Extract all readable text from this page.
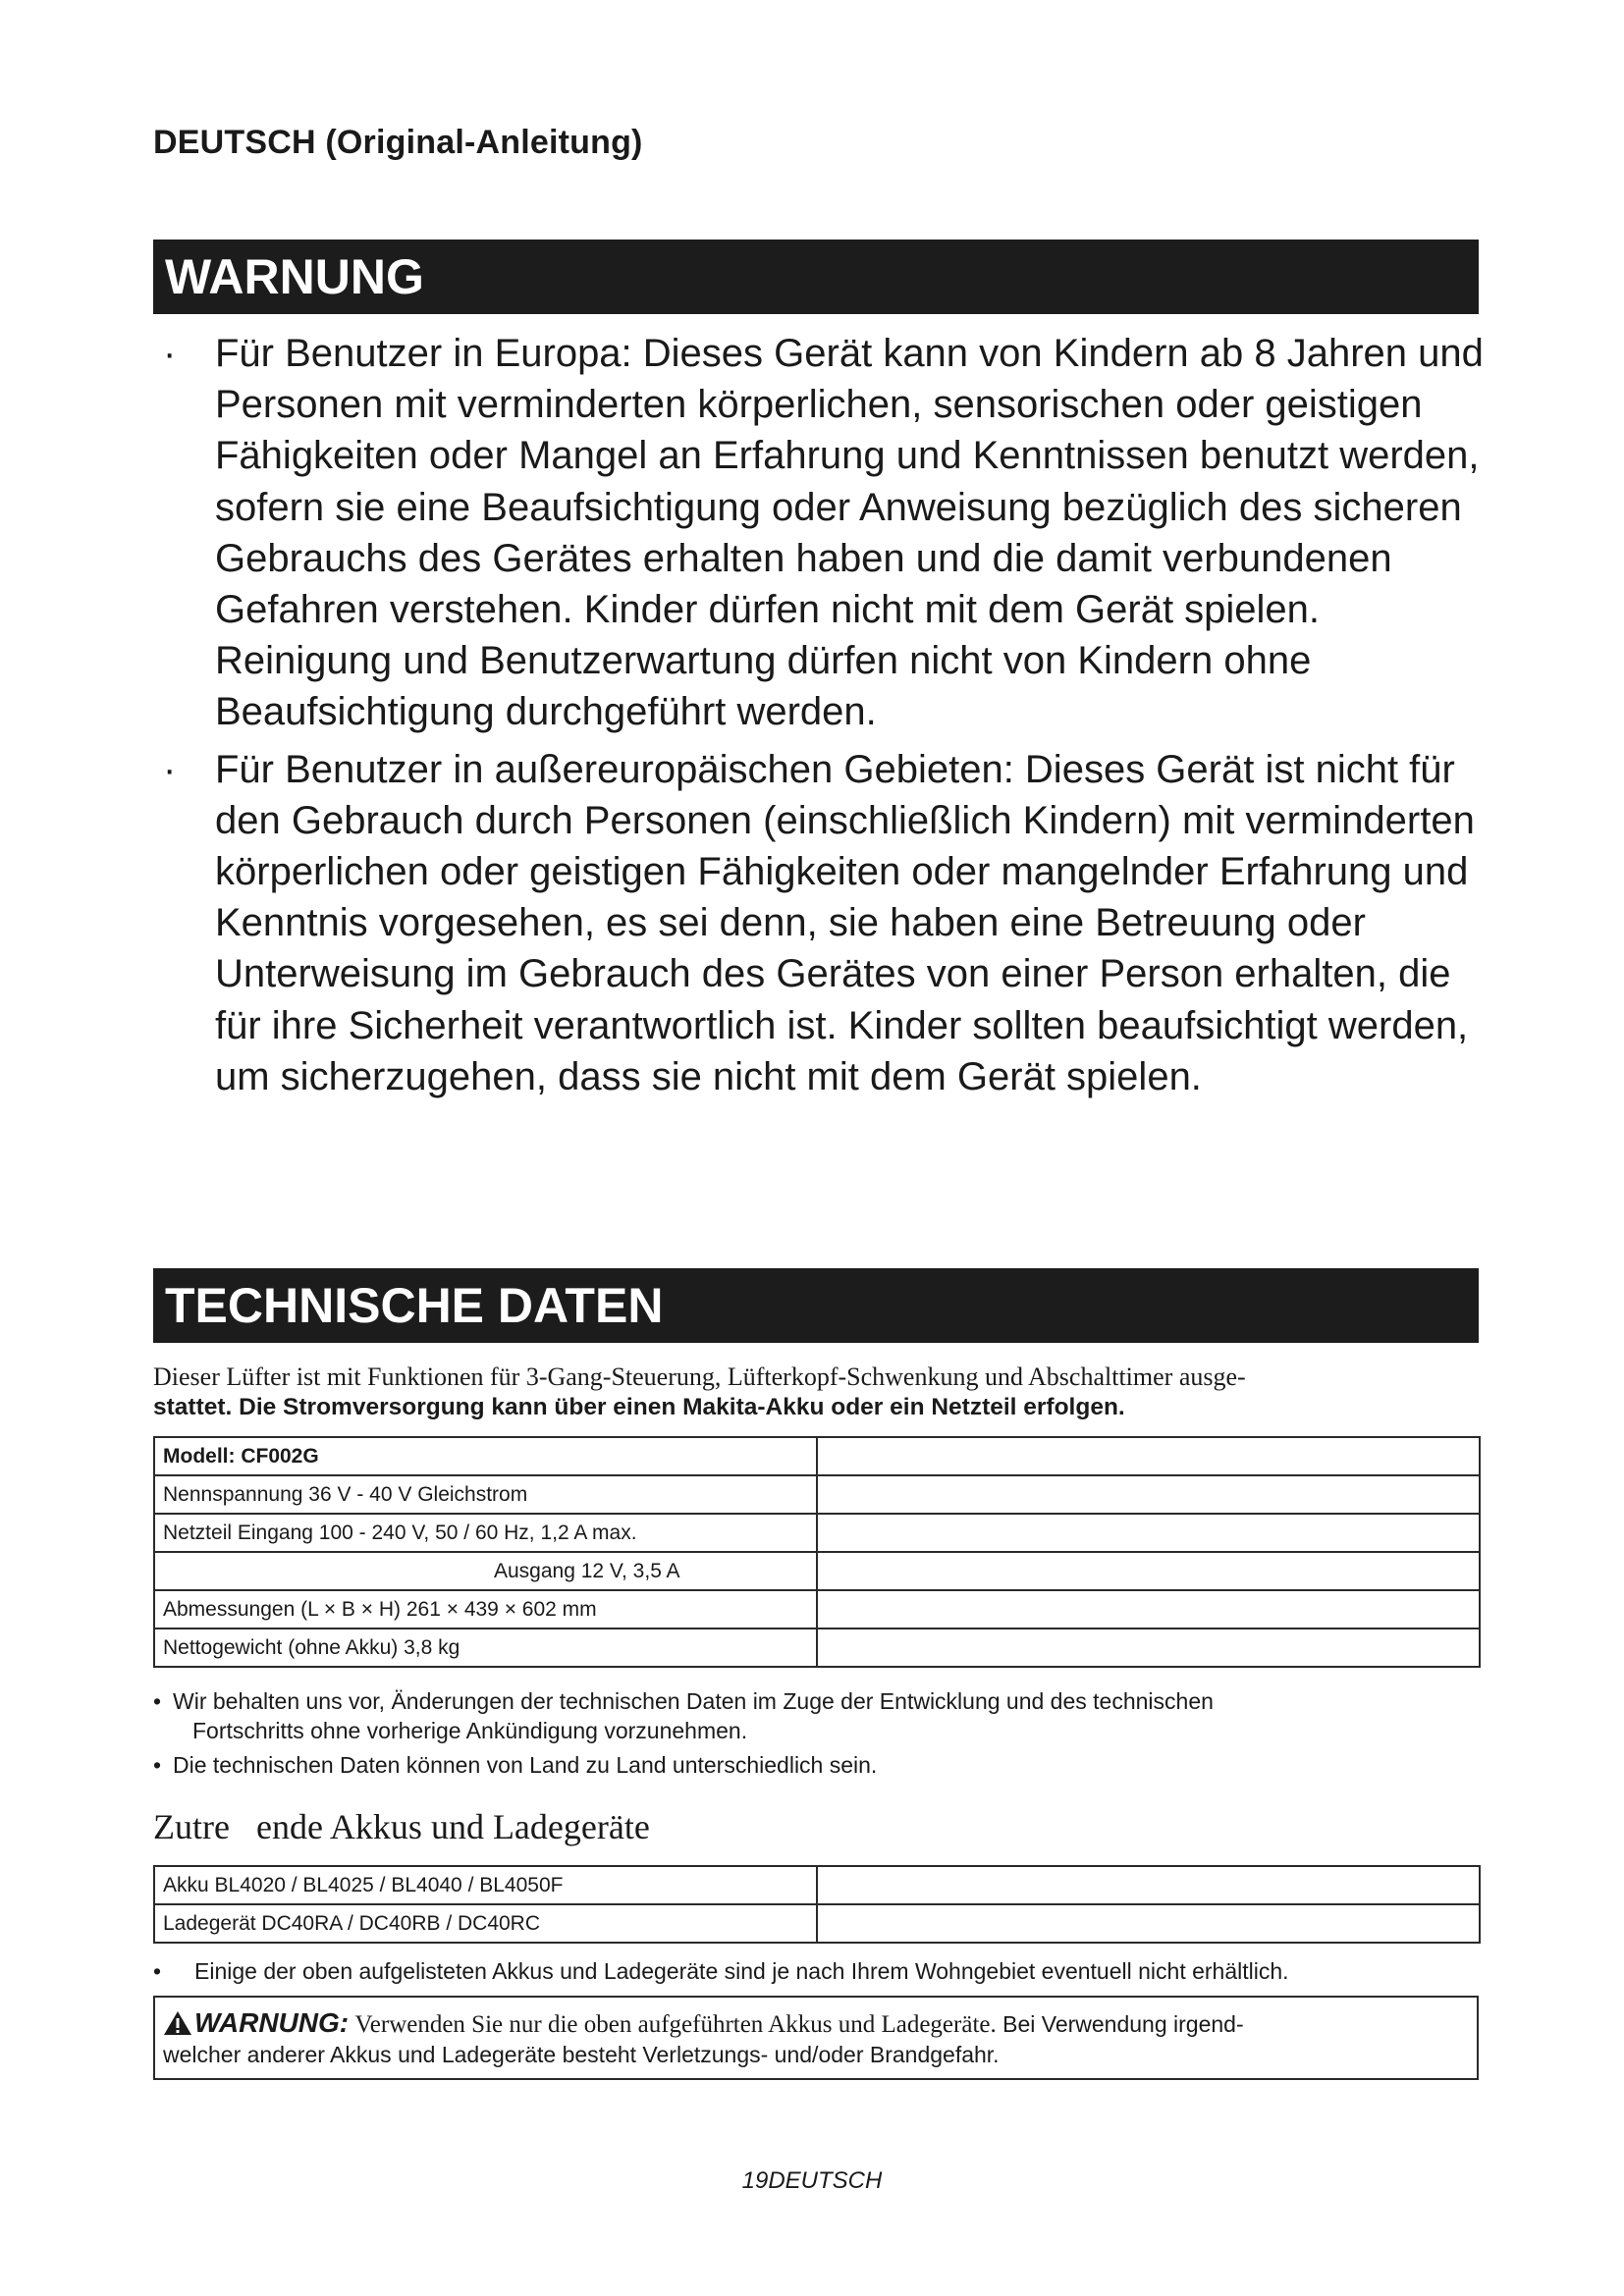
DEUTSCH (Original-Anleitung)
WARNUNG
· Für Benutzer in Europa: Dieses Gerät kann von Kindern ab 8 Jahren und Personen mit verminderten körperlichen, sensorischen oder geistigen Fähigkeiten oder Mangel an Erfahrung und Kenntnissen benutzt werden, sofern sie eine Beaufsichtigung oder Anweisung bezüglich des sicheren Gebrauchs des Gerätes erhalten haben und die damit verbundenen Gefahren verstehen. Kinder dürfen nicht mit dem Gerät spielen. Reinigung und Benutzerwartung dürfen nicht von Kindern ohne Beaufsichtigung durchgeführt werden.
· Für Benutzer in außereuropäischen Gebieten: Dieses Gerät ist nicht für den Gebrauch durch Personen (einschließlich Kindern) mit verminderten körperlichen oder geistigen Fähigkeiten oder mangelnder Erfahrung und Kenntnis vorgesehen, es sei denn, sie haben eine Betreuung oder Unterweisung im Gebrauch des Gerätes von einer Person erhalten, die für ihre Sicherheit verantwortlich ist. Kinder sollten beaufsichtigt werden, um sicherzugehen, dass sie nicht mit dem Gerät spielen.
TECHNISCHE DATEN
Dieser Lüfter ist mit Funktionen für 3-Gang-Steuerung, Lüfterkopf-Schwenkung und Abschalttimer ausge-
stattet. Die Stromversorgung kann über einen Makita-Akku oder ein Netzteil erfolgen.
Modell: CF002G	
Nennspannung 36 V - 40 V Gleichstrom	
Netzteil Eingang 100 - 240 V, 50 / 60 Hz, 1,2 A max.	
Ausgang 12 V, 3,5 A	
Abmessungen (L × B × H) 261 × 439 × 602 mm	
Nettogewicht (ohne Akku) 3,8 kg	
• Wir behalten uns vor, Änderungen der technischen Daten im Zuge der Entwicklung und des technischen
Fortschritts ohne vorherige Ankündigung vorzunehmen.
• Die technischen Daten können von Land zu Land unterschiedlich sein.
Zutre   ende Akkus und Ladegeräte
Akku BL4020 / BL4025 / BL4040 / BL4050F	
Ladegerät DC40RA / DC40RB / DC40RC	
• Einige der oben aufgelisteten Akkus und Ladegeräte sind je nach Ihrem Wohngebiet eventuell nicht erhältlich.
WARNUNG: Verwenden Sie nur die oben aufgeführten Akkus und Ladegeräte. Bei Verwendung irgend-
welcher anderer Akkus und Ladegeräte besteht Verletzungs- und/oder Brandgefahr.
19DEUTSCH
